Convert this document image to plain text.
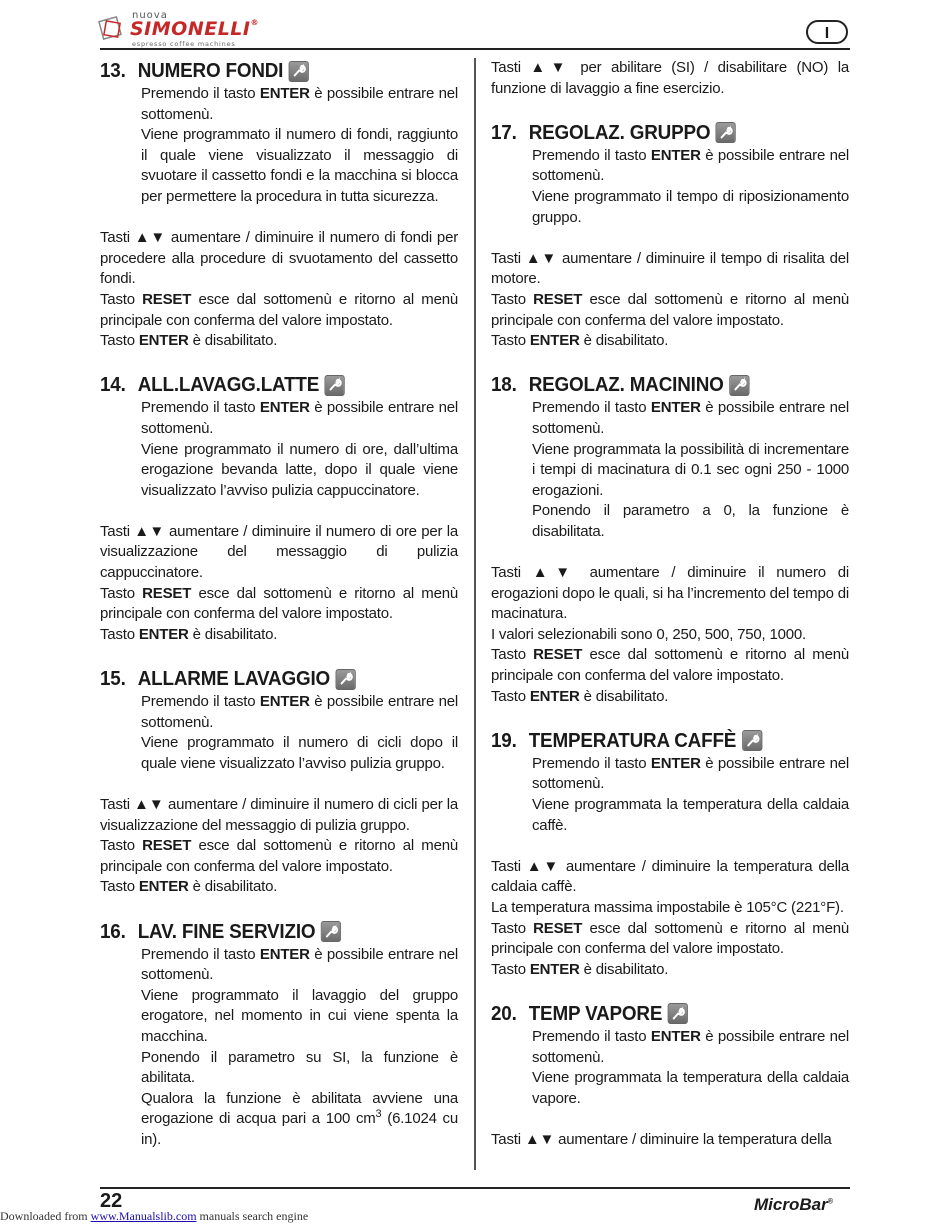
nuova
SIMONELLI®
espresso coffee machines
I
13. NUMERO FONDI

Premendo il tasto ENTER è possibile entrare nel sottomenù.

Viene programmato il numero di fondi, raggiunto il quale viene visualizzato il messaggio di svuotare il cassetto fondi e la macchina si blocca per permettere la procedura in tutta sicurezza.

Tasti ▲▼ aumentare / diminuire il numero di fondi per procedere alla procedure di svuotamento del cassetto fondi.

Tasto RESET esce dal sottomenù e ritorno al menù principale con conferma del valore impostato.

Tasto ENTER è disabilitato.

14. ALL.LAVAGG.LATTE

Premendo il tasto ENTER è possibile entrare nel sottomenù.

Viene programmato il numero di ore, dall’ultima erogazione bevanda latte, dopo il quale viene visualizzato l’avviso pulizia cappuccinatore.

Tasti ▲▼ aumentare / diminuire il numero di ore per la visualizzazione del messaggio di pulizia cappuccinatore.

Tasto RESET esce dal sottomenù e ritorno al menù principale con conferma del valore impostato.

Tasto ENTER è disabilitato.

15. ALLARME LAVAGGIO

Premendo il tasto ENTER è possibile entrare nel sottomenù.

Viene programmato il numero di cicli dopo il quale viene visualizzato l’avviso pulizia gruppo.

Tasti ▲▼ aumentare / diminuire il numero di cicli per la visualizzazione del messaggio di pulizia gruppo.

Tasto RESET esce dal sottomenù e ritorno al menù principale con conferma del valore impostato.

Tasto ENTER è disabilitato.

16. LAV. FINE SERVIZIO

Premendo il tasto ENTER è possibile entrare nel sottomenù.

Viene programmato il lavaggio del gruppo erogatore, nel momento in cui viene spenta la macchina.

Ponendo il parametro su SI, la funzione è abilitata.

Qualora la funzione è abilitata avviene una erogazione di acqua pari a 100 $cm^3$ (6.1024 cu in).

Tasti ▲▼ per abilitare (SI) / disabilitare (NO) la funzione di lavaggio a fine esercizio.

17. REGOLAZ. GRUPPO

Premendo il tasto ENTER è possibile entrare nel sottomenù.

Viene programmato il tempo di riposizionamento gruppo.

Tasti ▲▼ aumentare / diminuire il tempo di risalita del motore.

Tasto RESET esce dal sottomenù e ritorno al menù principale con conferma del valore impostato.

Tasto ENTER è disabilitato.

18. REGOLAZ. MACININO

Premendo il tasto ENTER è possibile entrare nel sottomenù.

Viene programmata la possibilità di incrementare i tempi di macinatura di 0.1 sec ogni 250 - 1000 erogazioni.

Ponendo il parametro a 0, la funzione è disabilitata.

Tasti ▲▼ aumentare / diminuire il numero di erogazioni dopo le quali, si ha l’incremento del tempo di macinatura.

I valori selezionabili sono 0, 250, 500, 750, 1000.

Tasto RESET esce dal sottomenù e ritorno al menù principale con conferma del valore impostato.

Tasto ENTER è disabilitato.

19. TEMPERATURA CAFFÈ

Premendo il tasto ENTER è possibile entrare nel sottomenù.

Viene programmata la temperatura della caldaia caffè.

Tasti ▲▼ aumentare / diminuire la temperatura della caldaia caffè.

La temperatura massima impostabile è 105°C (221°F).

Tasto RESET esce dal sottomenù e ritorno al menù principale con conferma del valore impostato.

Tasto ENTER è disabilitato.

20. TEMP VAPORE

Premendo il tasto ENTER è possibile entrare nel sottomenù.

Viene programmata la temperatura della caldaia vapore.

Tasti ▲▼ aumentare / diminuire la temperatura della

22	MicroBar®
Downloaded from www.Manualslib.com manuals search engine
